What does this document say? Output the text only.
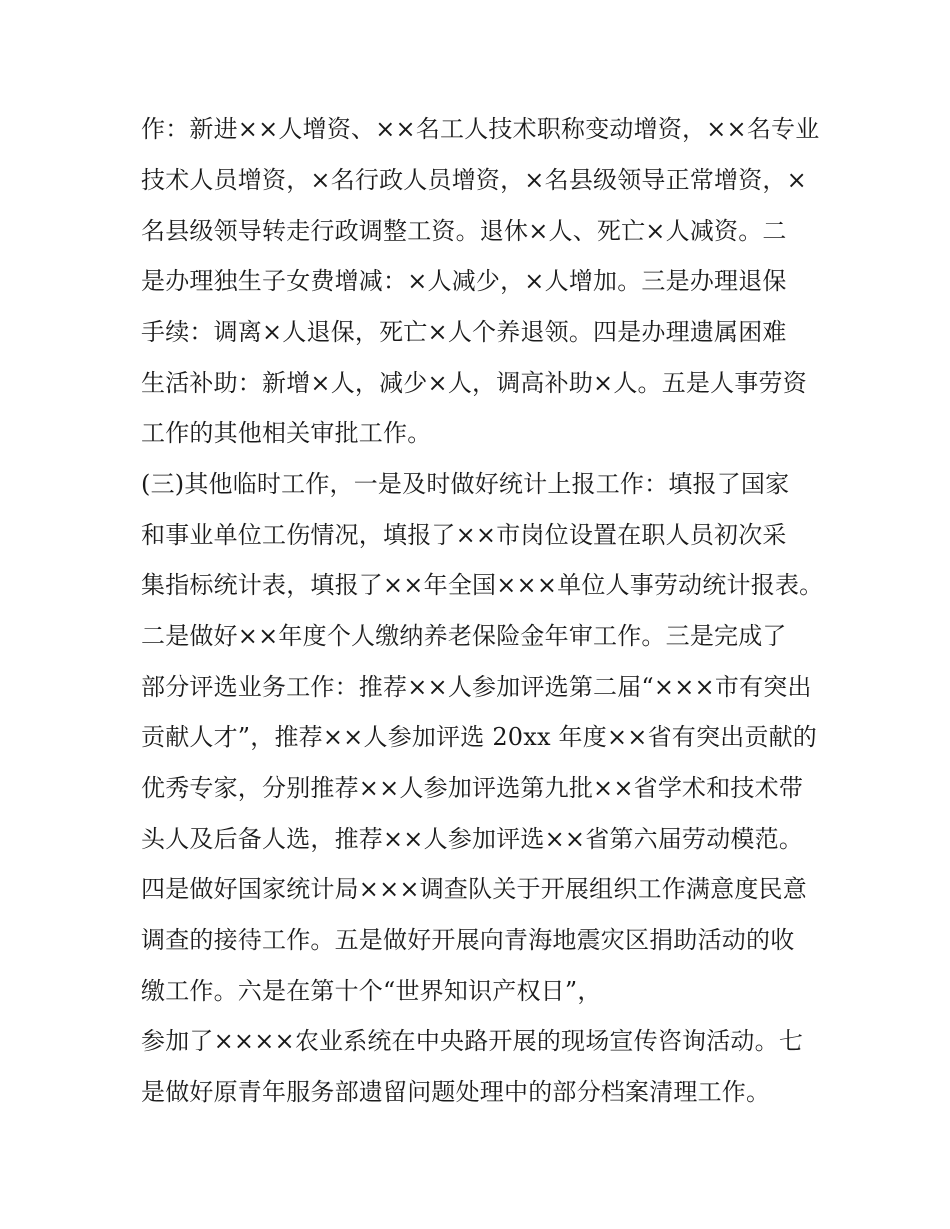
作：新进××人增资、××名工人技术职称变动增资，××名专业
技术人员增资，×名行政人员增资，×名县级领导正常增资，×
名县级领导转走行政调整工资。退休×人、死亡×人减资。二
是办理独生子女费增减：×人减少，×人增加。三是办理退保
手续：调离×人退保，死亡×人个养退领。四是办理遗属困难
生活补助：新增×人，减少×人，调高补助×人。五是人事劳资
工作的其他相关审批工作。
(三)其他临时工作，一是及时做好统计上报工作：填报了国家
和事业单位工伤情况，填报了××市岗位设置在职人员初次采
集指标统计表，填报了××年全国×××单位人事劳动统计报表。
二是做好××年度个人缴纳养老保险金年审工作。三是完成了
部分评选业务工作：推荐××人参加评选第二届“×××市有突出
贡献人才”，推荐××人参加评选 20xx 年度××省有突出贡献的
优秀专家，分别推荐××人参加评选第九批××省学术和技术带
头人及后备人选，推荐××人参加评选××省第六届劳动模范。
四是做好国家统计局×××调查队关于开展组织工作满意度民意
调查的接待工作。五是做好开展向青海地震灾区捐助活动的收
缴工作。六是在第十个“世界知识产权日”，
参加了××××农业系统在中央路开展的现场宣传咨询活动。七
是做好原青年服务部遗留问题处理中的部分档案清理工作。
